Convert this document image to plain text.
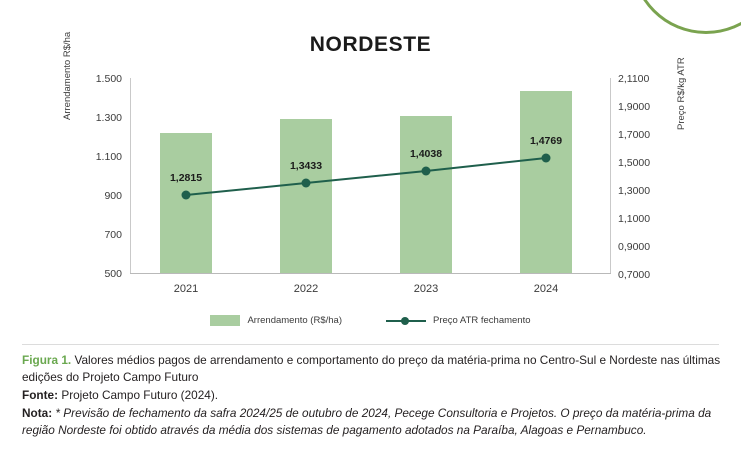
NORDESTE
Arrendamento R$/ha	Preço R$/kg ATR
1.500
1.300
1.100
900
700
500
2,1100
1,9000
1,7000
1,5000
1,3000
1,1000
0,9000
0,7000
1,2815
1,3433
1,4038
1,4769
2021	2022	2023	2024
Arrendamento (R$/ha)	Preço ATR fechamento

Figura 1. Valores médios pagos de arrendamento e comportamento do preço da matéria-prima no Centro-Sul e Nordeste nas últimas edições do Projeto Campo Futuro

Fonte: Projeto Campo Futuro (2024).

Nota: * Previsão de fechamento da safra 2024/25 de outubro de 2024, Pecege Consultoria e Projetos. O preço da matéria-prima da região Nordeste foi obtido através da média dos sistemas de pagamento adotados na Paraíba, Alagoas e Pernambuco.
